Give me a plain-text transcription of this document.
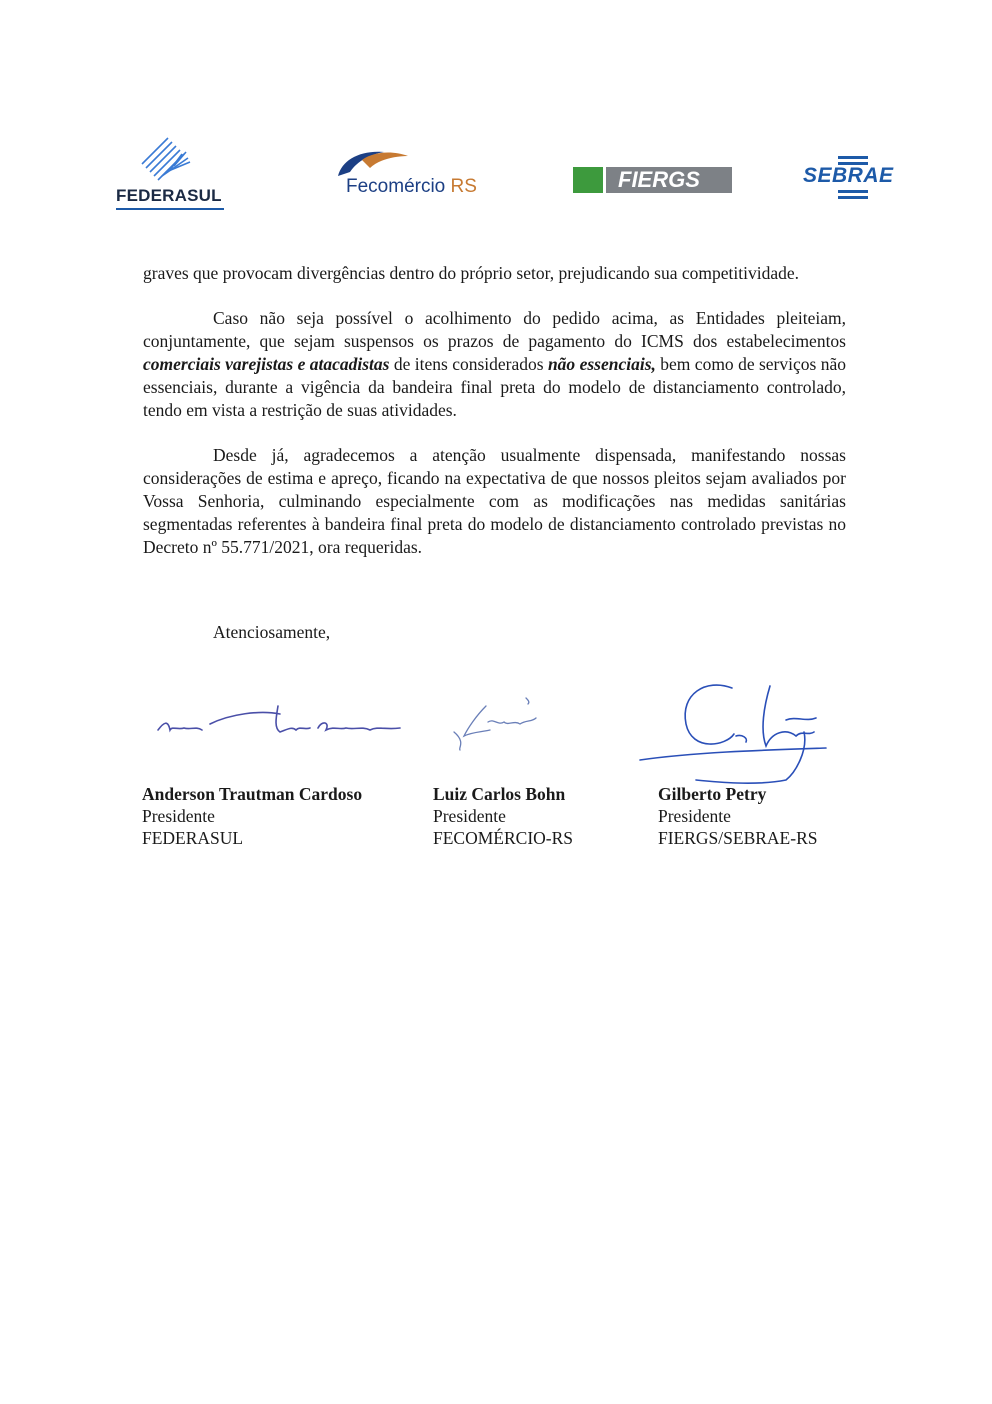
FEDERASUL	Fecomércio RS	FIERGS	SEBRAE

graves que provocam divergências dentro do próprio setor, prejudicando sua competitividade.

Caso não seja possível o acolhimento do pedido acima, as Entidades pleiteiam, conjuntamente, que sejam suspensos os prazos de pagamento do ICMS dos estabelecimentos comerciais varejistas e atacadistas de itens considerados não essenciais, bem como de serviços não essenciais, durante a vigência da bandeira final preta do modelo de distanciamento controlado, tendo em vista a restrição de suas atividades.

Desde já, agradecemos a atenção usualmente dispensada, manifestando nossas considerações de estima e apreço, ficando na expectativa de que nossos pleitos sejam avaliados por Vossa Senhoria, culminando especialmente com as modificações nas medidas sanitárias segmentadas referentes à bandeira final preta do modelo de distanciamento controlado previstas no Decreto nº 55.771/2021, ora requeridas.

Atenciosamente,
Anderson Trautman Cardoso
Presidente
FEDERASUL
Luiz Carlos Bohn
Presidente
FECOMÉRCIO-RS
Gilberto Petry
Presidente
FIERGS/SEBRAE-RS
